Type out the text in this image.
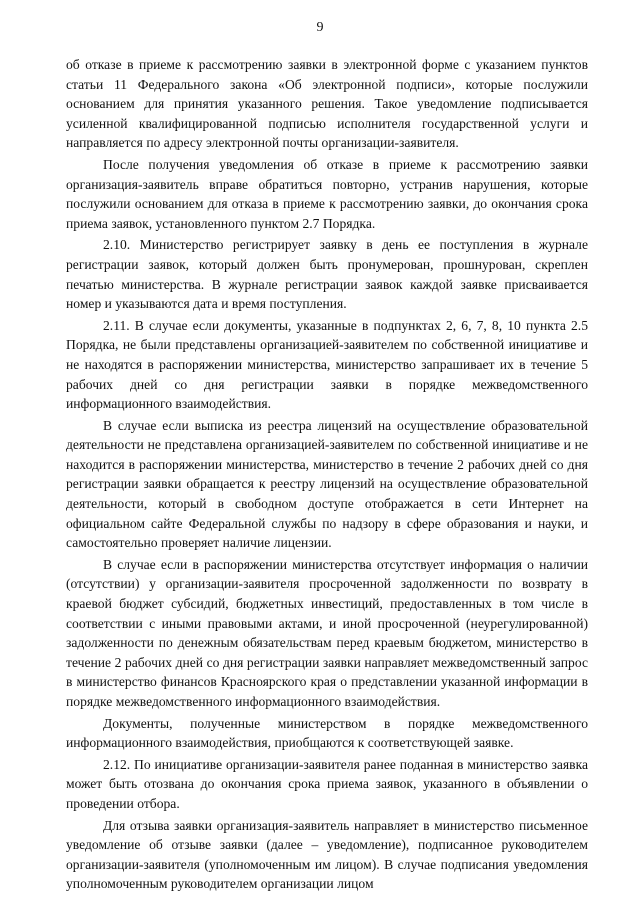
9

об отказе в приеме к рассмотрению заявки в электронной форме с указанием пунктов статьи 11 Федерального закона «Об электронной подписи», которые послужили основанием для принятия указанного решения. Такое уведомление подписывается усиленной квалифицированной подписью исполнителя государственной услуги и направляется по адресу электронной почты организации-заявителя.

После получения уведомления об отказе в приеме к рассмотрению заявки организация-заявитель вправе обратиться повторно, устранив нарушения, которые послужили основанием для отказа в приеме к рассмотрению заявки, до окончания срока приема заявок, установленного пунктом 2.7 Порядка.

2.10. Министерство регистрирует заявку в день ее поступления в журнале регистрации заявок, который должен быть пронумерован, прошнурован, скреплен печатью министерства. В журнале регистрации заявок каждой заявке присваивается номер и указываются дата и время поступления.

2.11. В случае если документы, указанные в подпунктах 2, 6, 7, 8, 10 пункта 2.5 Порядка, не были представлены организацией-заявителем по собственной инициативе и не находятся в распоряжении министерства, министерство запрашивает их в течение 5 рабочих дней со дня регистрации заявки в порядке межведомственного информационного взаимодействия.

В случае если выписка из реестра лицензий на осуществление образовательной деятельности не представлена организацией-заявителем по собственной инициативе и не находится в распоряжении министерства, министерство в течение 2 рабочих дней со дня регистрации заявки обращается к реестру лицензий на осуществление образовательной деятельности, который в свободном доступе отображается в сети Интернет на официальном сайте Федеральной службы по надзору в сфере образования и науки, и самостоятельно проверяет наличие лицензии.

В случае если в распоряжении министерства отсутствует информация о наличии (отсутствии) у организации-заявителя просроченной задолженности по возврату в краевой бюджет субсидий, бюджетных инвестиций, предоставленных в том числе в соответствии с иными правовыми актами, и иной просроченной (неурегулированной) задолженности по денежным обязательствам перед краевым бюджетом, министерство в течение 2 рабочих дней со дня регистрации заявки направляет межведомственный запрос в министерство финансов Красноярского края о представлении указанной информации в порядке межведомственного информационного взаимодействия.

Документы, полученные министерством в порядке межведомственного информационного взаимодействия, приобщаются к соответствующей заявке.

2.12. По инициативе организации-заявителя ранее поданная в министерство заявка может быть отозвана до окончания срока приема заявок, указанного в объявлении о проведении отбора.

Для отзыва заявки организация-заявитель направляет в министерство письменное уведомление об отзыве заявки (далее – уведомление), подписанное руководителем организации-заявителя (уполномоченным им лицом). В случае подписания уведомления уполномоченным руководителем организации лицом
